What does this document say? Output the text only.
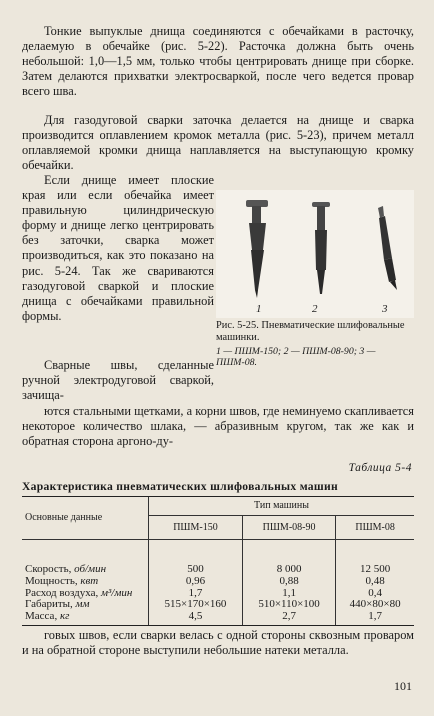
Тонкие выпуклые днища соединяются с обечайками в расточку, делаемую в обечайке (рис. 5-22). Расточка должна быть очень небольшой: 1,0—1,5 мм, только чтобы центрировать днище при сборке. Затем делаются прихватки электросваркой, после чего ведется провар всего шва.

Для газодуговой сварки заточка делается на днище и сварка производится оплавлением кромок металла (рис. 5-23), причем металл оплавляемой кромки днища наплавляется на выступающую кромку обечайки.

Если днище имеет плоские края или если обечайка имеет правильную цилиндрическую форму и днище легко центрировать без заточки, сварка может производиться, как это показано на рис. 5-24. Так же свариваются газодуговой сваркой и плоские днища с обечайками правильной формы.

Сварные швы, сделанные ручной электродуговой сваркой, зачища-

ются стальными щетками, а корни швов, где неминуемо скапливается некоторое количество шлака, — абразивным кругом, так же как и обратная сторона аргоно-ду-

1	2	3
Рис. 5-25. Пневматические шлифовальные машинки.
1 — ПШМ-150; 2 — ПШМ-08-90; 3 — ПШМ-08.
Таблица 5-4
Характеристика пневматических шлифовальных машин
Основные данные	Тип машины		
	ПШМ-150	ПШМ-08-90	ПШМ-08
Скорость, об/мин	500	8 000	12 500
Мощность, квт	0,96	0,88	0,48
Расход воздуха, м³/мин	1,7	1,1	0,4
Габариты, мм	515×170×160	510×110×100	440×80×80
Масса, кг	4,5	2,7	1,7

говых швов, если сварки велась с одной стороны сквозным проваром и на обратной стороне выступили небольшие натеки металла.

101
